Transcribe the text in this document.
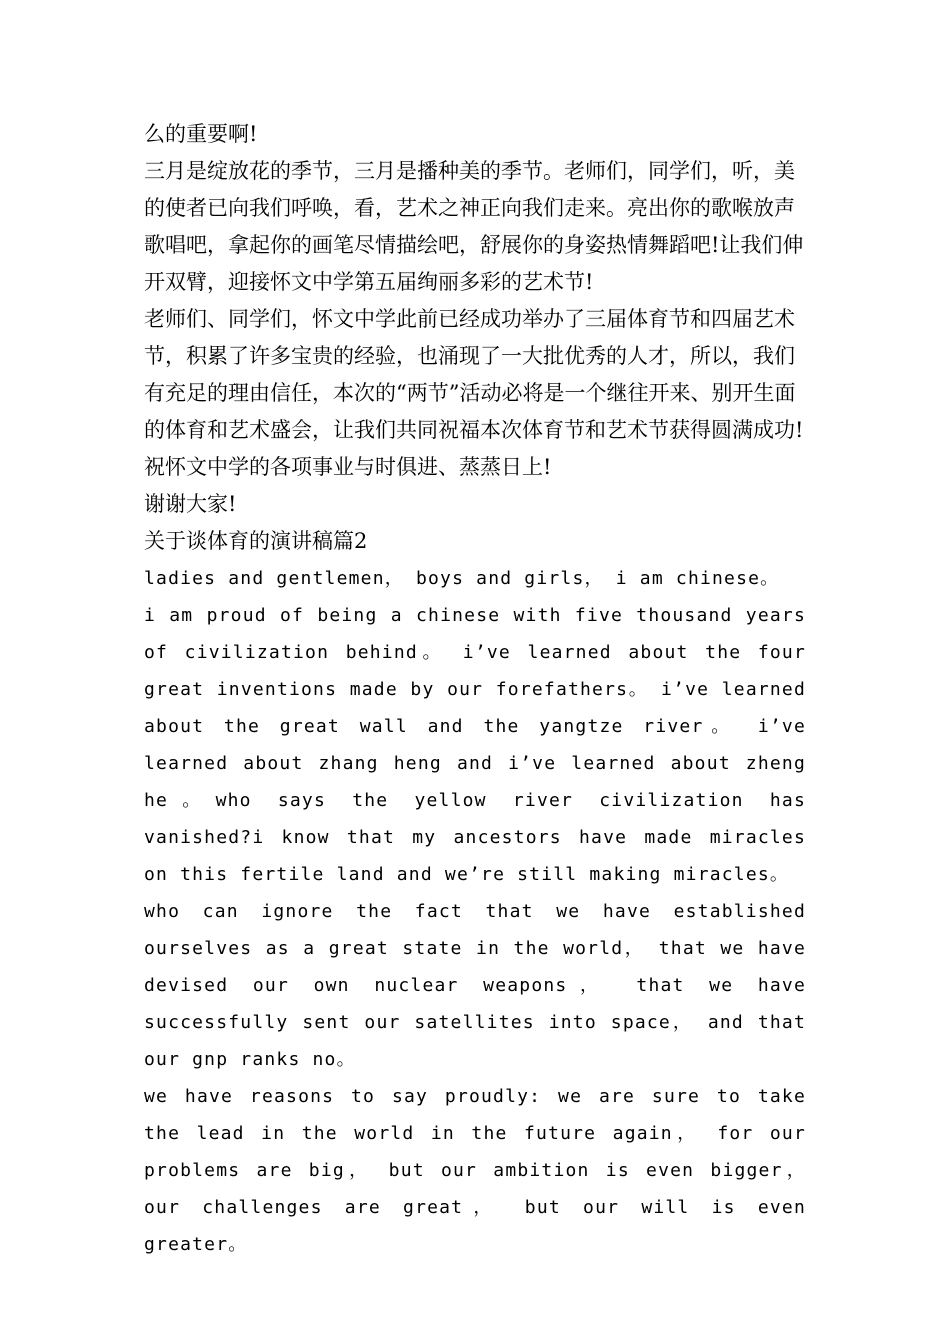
么的重要啊!

三月是绽放花的季节，三月是播种美的季节。老师们，同学们，听，美的使者已向我们呼唤，看，艺术之神正向我们走来。亮出你的歌喉放声歌唱吧，拿起你的画笔尽情描绘吧，舒展你的身姿热情舞蹈吧!让我们伸开双臂，迎接怀文中学第五届绚丽多彩的艺术节!

老师们、同学们，怀文中学此前已经成功举办了三届体育节和四届艺术节，积累了许多宝贵的经验，也涌现了一大批优秀的人才，所以，我们有充足的理由信任，本次的“两节”活动必将是一个继往开来、别开生面的体育和艺术盛会，让我们共同祝福本次体育节和艺术节获得圆满成功!祝怀文中学的各项事业与时俱进、蒸蒸日上!

谢谢大家!

关于谈体育的演讲稿篇2

ladies and gentlemen， boys and girls， i am chinese。

i am proud of being a chinese with five thousand years of civilization behind。 i’ve learned about the four great inventions made by our forefathers。 i’ve learned about the great wall and the yangtze river。 i’ve learned about zhang heng and i’ve learned about zheng he。who says the yellow river civilization has vanished?i know that my ancestors have made miracles on this fertile land and we’re still making miracles。

who can ignore the fact that we have established ourselves as a great state in the world， that we have devised our own nuclear weapons， that we have successfully sent our satellites into space， and that our gnp ranks no。

we have reasons to say proudly: we are sure to take the lead in the world in the future again， for our problems are big， but our ambition is even bigger， our challenges are great， but our will is even greater。
